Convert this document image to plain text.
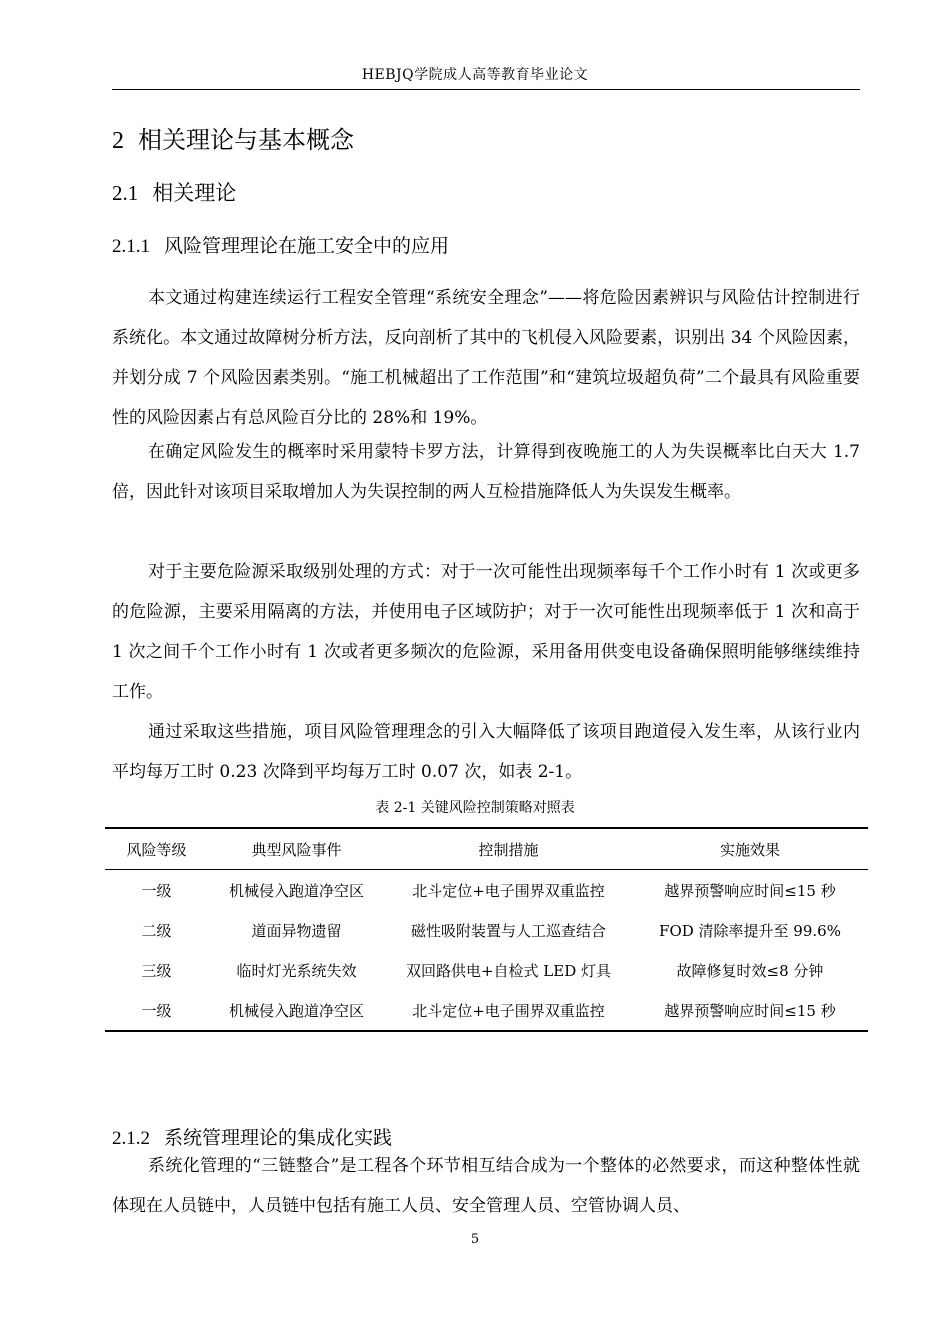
HEBJQ学院成人高等教育毕业论文
2 相关理论与基本概念
2.1 相关理论
2.1.1 风险管理理论在施工安全中的应用

本文通过构建连续运行工程安全管理“系统安全理念”——将危险因素辨识与风险估计控制进行系统化。本文通过故障树分析方法，反向剖析了其中的飞机侵入风险要素，识别出 34 个风险因素，并划分成 7 个风险因素类别。“施工机械超出了工作范围”和“建筑垃圾超负荷”二个最具有风险重要性的风险因素占有总风险百分比的 28%和 19%。

在确定风险发生的概率时采用蒙特卡罗方法，计算得到夜晚施工的人为失误概率比白天大 1.7 倍，因此针对该项目采取增加人为失误控制的两人互检措施降低人为失误发生概率。

对于主要危险源采取级别处理的方式：对于一次可能性出现频率每千个工作小时有 1 次或更多的危险源，主要采用隔离的方法，并使用电子区域防护；对于一次可能性出现频率低于 1 次和高于 1 次之间千个工作小时有 1 次或者更多频次的危险源，采用备用供变电设备确保照明能够继续维持工作。

通过采取这些措施，项目风险管理理念的引入大幅降低了该项目跑道侵入发生率，从该行业内平均每万工时 0.23 次降到平均每万工时 0.07 次，如表 2-1。

表 2-1 关键风险控制策略对照表
风险等级	典型风险事件	控制措施	实施效果
一级	机械侵入跑道净空区	北斗定位+电子围界双重监控	越界预警响应时间≤15 秒
二级	道面异物遗留	磁性吸附装置与人工巡查结合	FOD 清除率提升至 99.6%
三级	临时灯光系统失效	双回路供电+自检式 LED 灯具	故障修复时效≤8 分钟
一级	机械侵入跑道净空区	北斗定位+电子围界双重监控	越界预警响应时间≤15 秒
2.1.2 系统管理理论的集成化实践

系统化管理的“三链整合”是工程各个环节相互结合成为一个整体的必然要求，而这种整体性就体现在人员链中，人员链中包括有施工人员、安全管理人员、空管协调人员、

5
